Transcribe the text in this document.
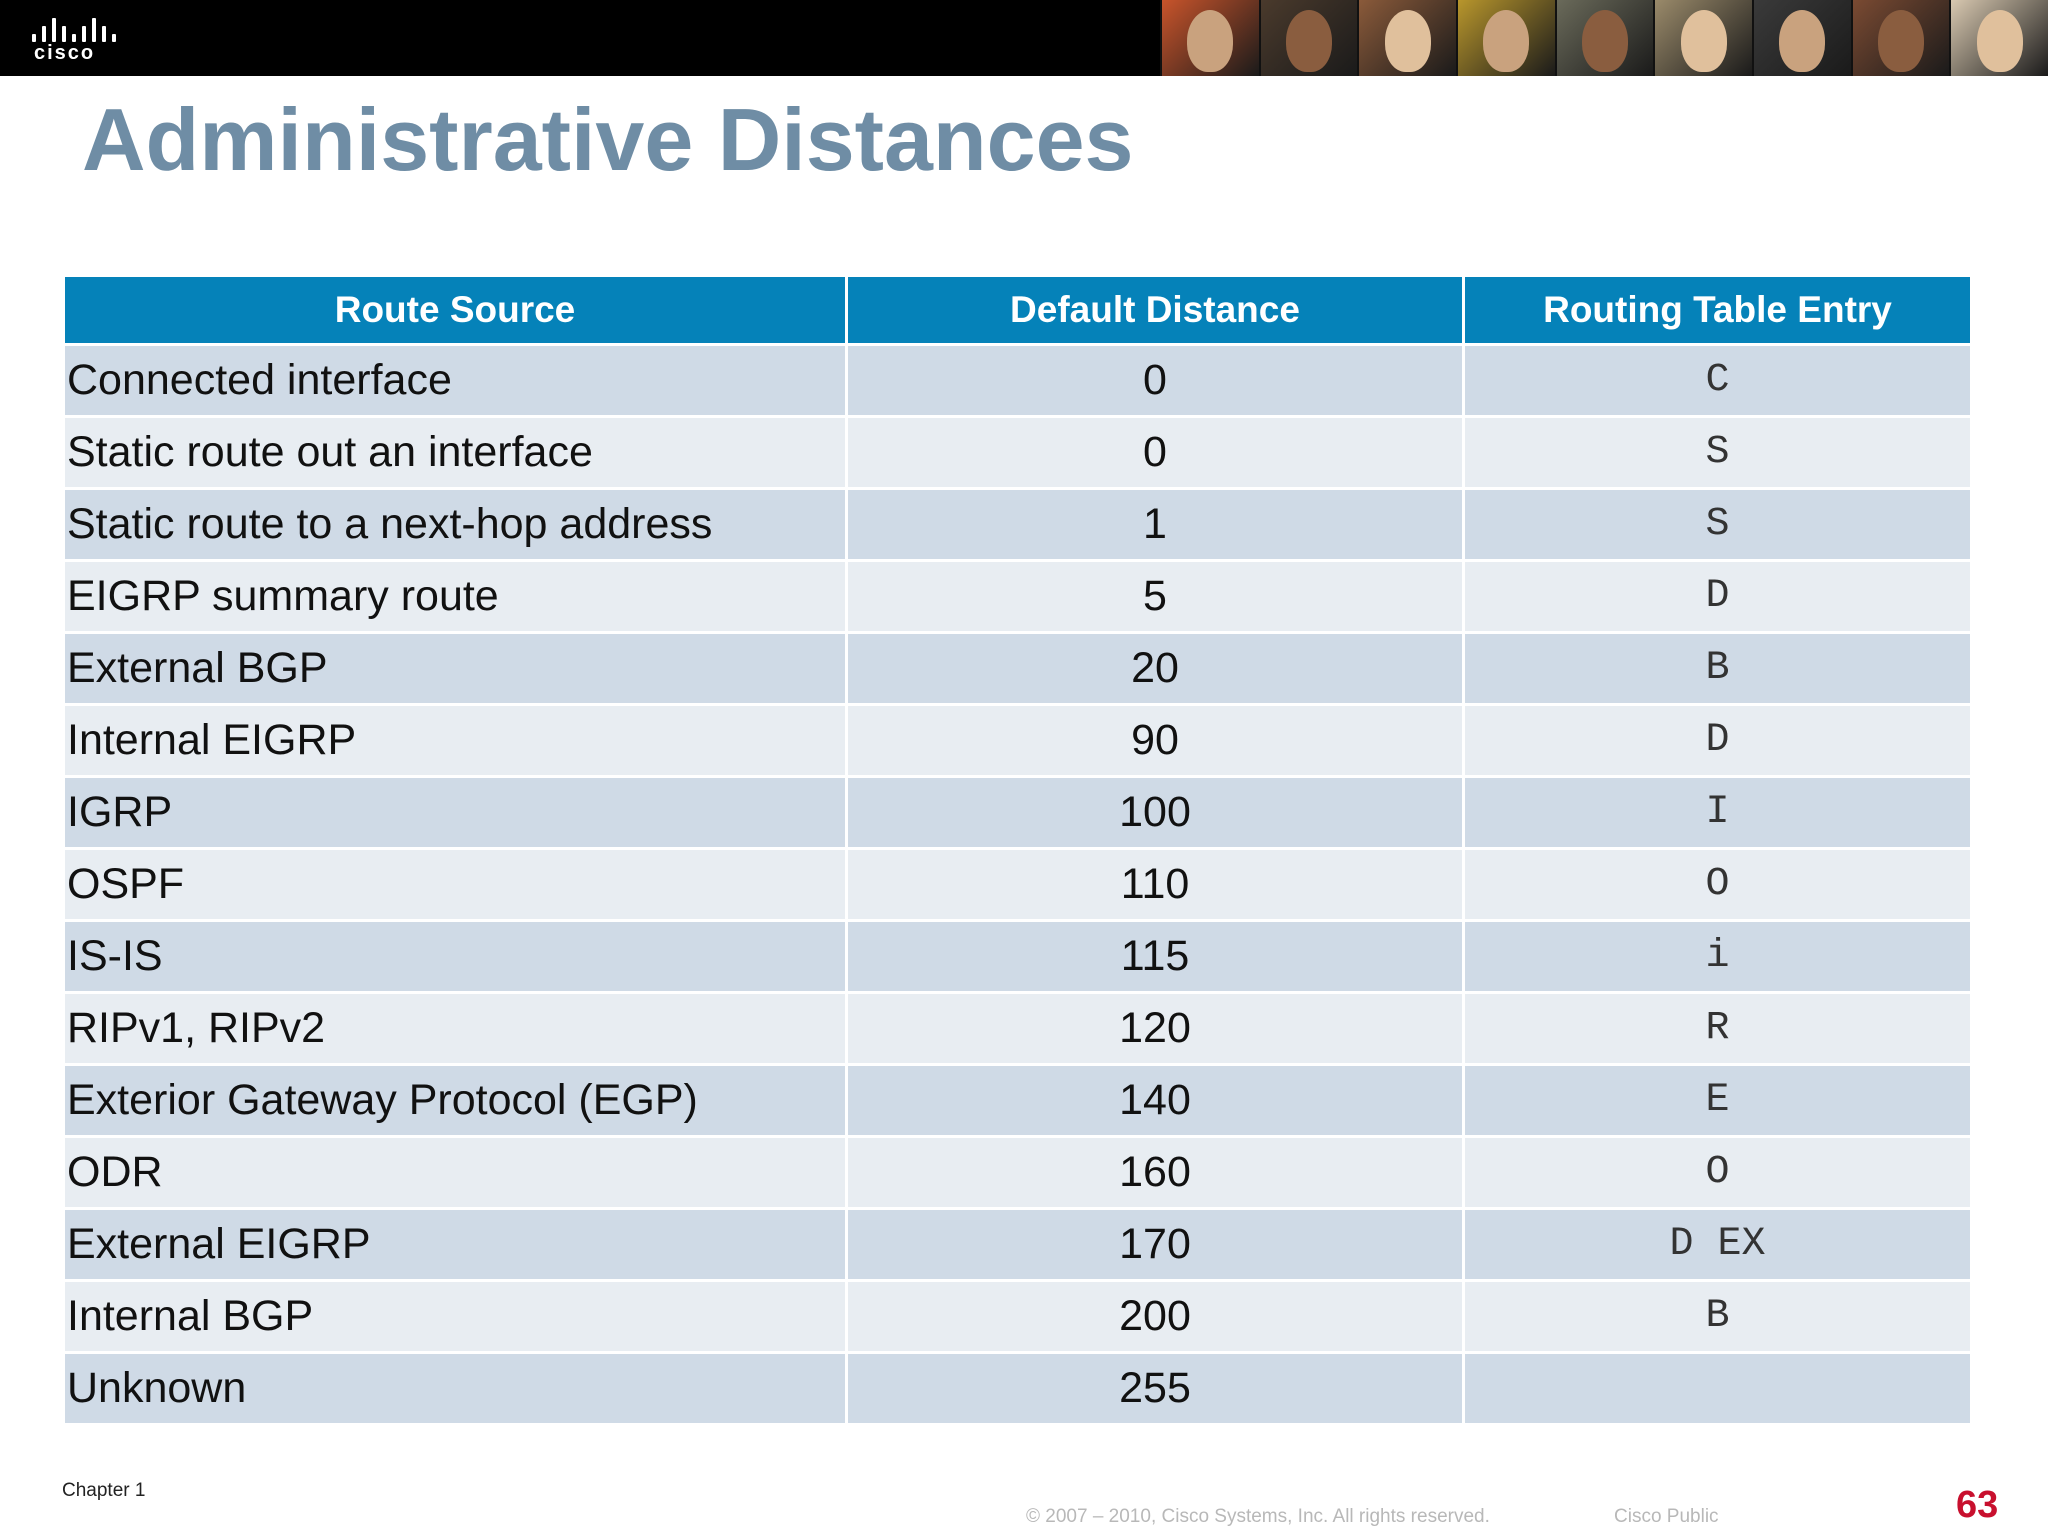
cisco
Administrative Distances
Route Source	Default Distance	Routing Table Entry
Connected interface	0	C
Static route out an interface	0	S
Static route to a next-hop address	1	S
EIGRP summary route	5	D
External BGP	20	B
Internal EIGRP	90	D
IGRP	100	I
OSPF	110	O
IS-IS	115	i
RIPv1, RIPv2	120	R
Exterior Gateway Protocol (EGP)	140	E
ODR	160	O
External EIGRP	170	D EX
Internal BGP	200	B
Unknown	255	
Chapter 1
© 2007 – 2010, Cisco Systems, Inc. All rights reserved.	Cisco Public	63
